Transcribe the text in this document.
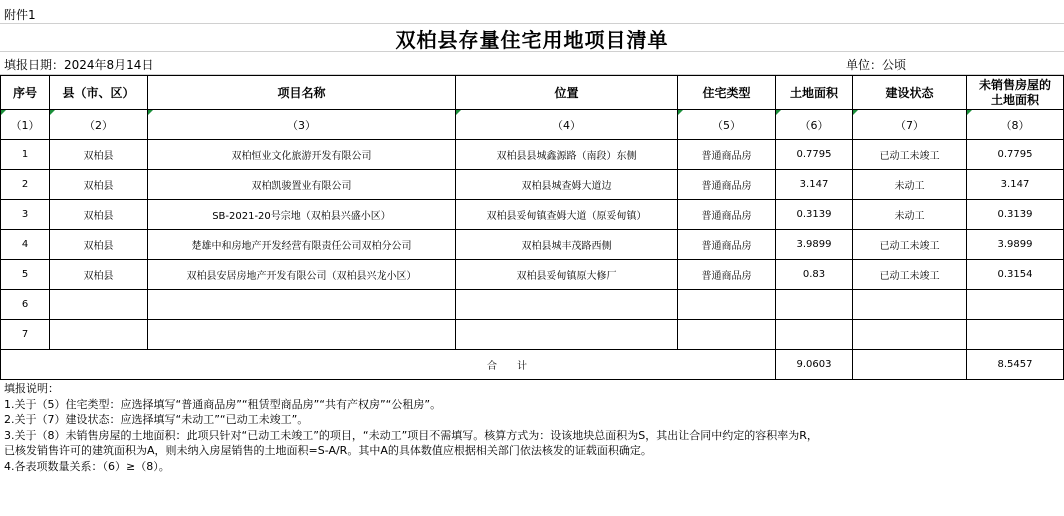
附件1
双柏县存量住宅用地项目清单
填报日期：2024年8月14日	单位：公顷
序号	县（市、区）	项目名称	位置	住宅类型	土地面积	建设状态	未销售房屋的
土地面积

（1）	（2）	（3）	（4）	（5）	（6）	（7）	（8）
1	双柏县	双柏恒业文化旅游开发有限公司	双柏县县城鑫源路（南段）东侧	普通商品房	0.7795	已动工未竣工	0.7795
2	双柏县	双柏凯骏置业有限公司	双柏县城查姆大道边	普通商品房	3.147	未动工	3.147
3	双柏县	SB-2021-20号宗地（双柏县兴盛小区）	双柏县妥甸镇查姆大道（原妥甸镇）	普通商品房	0.3139	未动工	0.3139
4	双柏县	楚雄中和房地产开发经营有限责任公司双柏分公司	双柏县城丰茂路西侧	普通商品房	3.9899	已动工未竣工	3.9899
5	双柏县	双柏县安居房地产开发有限公司（双柏县兴龙小区）	双柏县妥甸镇原大修厂	普通商品房	0.83	已动工未竣工	0.3154
6							
7							
合　　计					9.0603		8.5457
填报说明：
1.关于（5）住宅类型：应选择填写“普通商品房”“租赁型商品房”“共有产权房”“公租房”。
2.关于（7）建设状态：应选择填写“未动工”“已动工未竣工”。
3.关于（8）未销售房屋的土地面积：此项只针对“已动工未竣工”的项目，“未动工”项目不需填写。核算方式为：设该地块总面积为S，其出让合同中约定的容积率为R，
已核发销售许可的建筑面积为A，则未纳入房屋销售的土地面积=S-A/R。其中A的具体数值应根据相关部门依法核发的证载面积确定。
4.各表项数量关系：（6）≥（8）。
